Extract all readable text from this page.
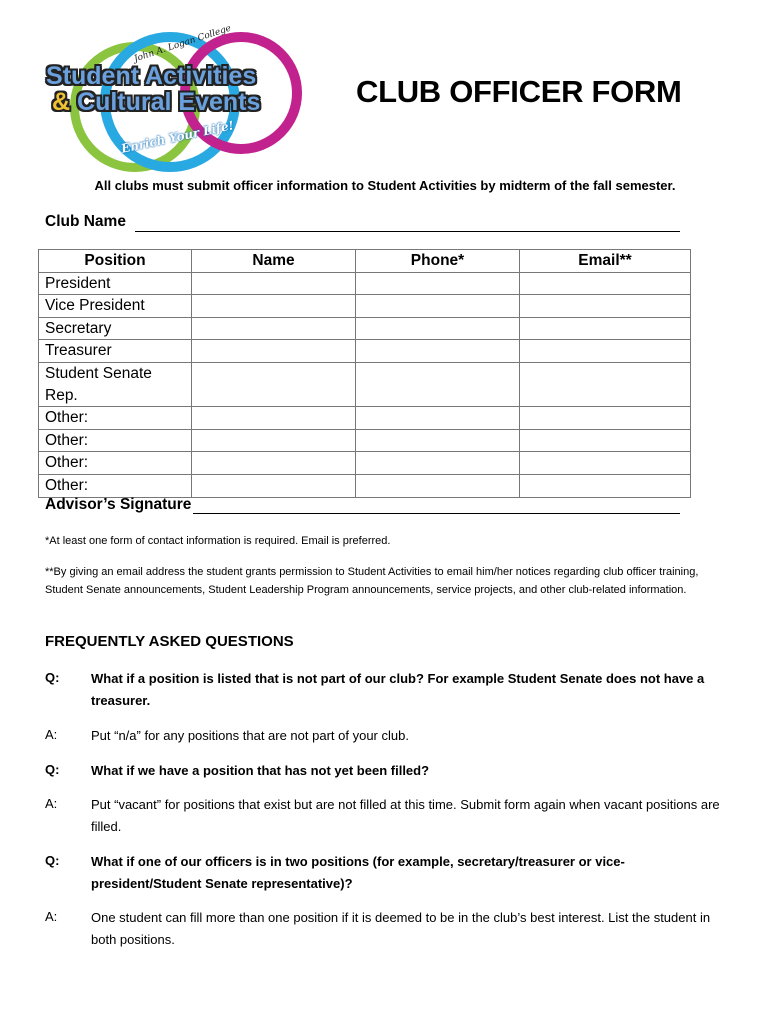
John A. Logan College
Student Activities
& Cultural Events
Enrich Your Life!
CLUB OFFICER FORM
All clubs must submit officer information to Student Activities by midterm of the fall semester.
Club Name
Position	Name	Phone*	Email**
President			
Vice President			
Secretary			
Treasurer			
Student Senate Rep.			
Other:			
Other:			
Other:			
Other:			
Advisor’s Signature
*At least one form of contact information is required. Email is preferred.
**By giving an email address the student grants permission to Student Activities to email him/her notices regarding club officer training, Student Senate announcements, Student Leadership Program announcements, service projects, and other club-related information.
FREQUENTLY ASKED QUESTIONS
Q: What if a position is listed that is not part of our club? For example Student Senate does not have a treasurer.
A:	Put “n/a” for any positions that are not part of your club.
Q: What if we have a position that has not yet been filled?
A:	Put “vacant” for positions that exist but are not filled at this time. Submit form again when vacant positions are filled.
Q: What if one of our officers is in two positions (for example, secretary/treasurer or vice-president/Student Senate representative)?
A:	One student can fill more than one position if it is deemed to be in the club’s best interest. List the student in both positions.
